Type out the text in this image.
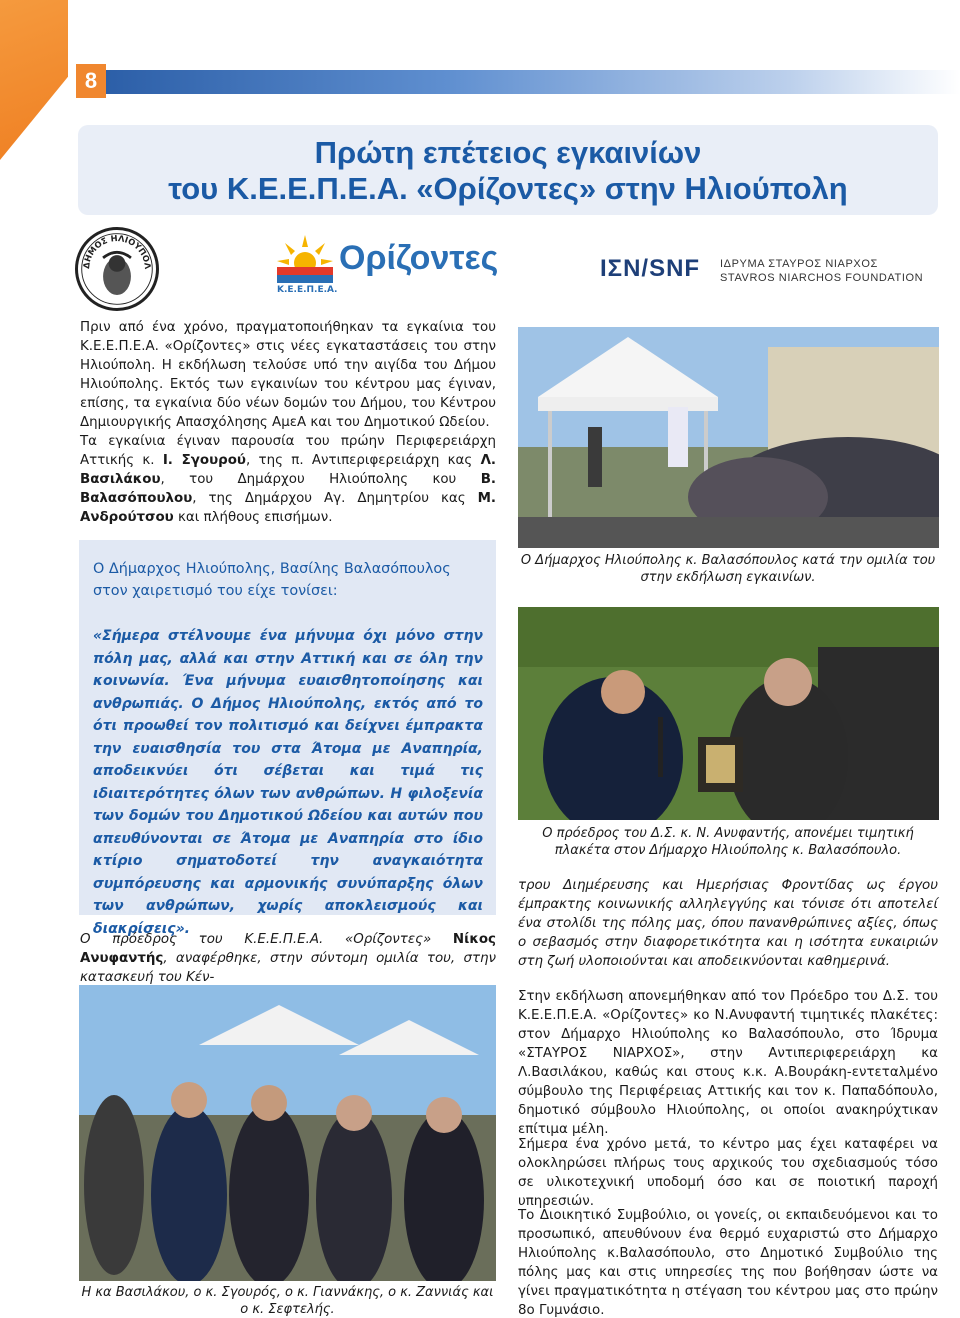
8
Πρώτη επέτειος εγκαινίων
του Κ.Ε.Ε.Π.Ε.Α. «Ορίζοντες» στην Ηλιούπολη
ΔΗΜΟΣ ΗΛΙΟΥΠΟΛ	Ορίζοντες
Κ.Ε.Ε.Π.Ε.Α.
ΙΣΝ/SNF ΙΔΡΥΜΑ ΣΤΑΥΡΟΣ ΝΙΑΡΧΟΣ
STAVROS NIARCHOS FOUNDATION
Πριν από ένα χρόνο, πραγματοποιήθηκαν τα εγκαίνια του Κ.Ε.Ε.Π.Ε.Α. «Ορίζοντες» στις νέες εγκαταστάσεις του στην Ηλιούπολη. Η εκδήλωση τελούσε υπό την αιγίδα του Δήμου Ηλιούπολης. Εκτός των εγκαινίων του κέντρου μας έγιναν, επίσης, τα εγκαίνια δύο νέων δομών του Δήμου, του Κέντρου Δημιουργικής Απασχόλησης ΑμεΑ και του Δημοτικού Ωδείου.
Τα εγκαίνια έγιναν παρουσία του πρώην Περιφερειάρχη Αττικής κ. Ι. Σγουρού, της π. Αντιπεριφερειάρχη κας Λ. Βασιλάκου, του Δημάρχου Ηλιούπολης κου Β. Βαλασόπουλου, της Δημάρχου Αγ. Δημητρίου κας Μ. Ανδρούτσου και πλήθους επισήμων.
Ο Δήμαρχος Ηλιούπολης, Βασίλης Βαλασόπουλος στον χαιρετισμό του είχε τονίσει:
«Σήμερα στέλνουμε ένα μήνυμα όχι μόνο στην πόλη μας, αλλά και στην Αττική και σε όλη την κοινωνία. Ένα μήνυμα ευαισθητοποίησης και ανθρωπιάς. Ο Δήμος Ηλιούπολης, εκτός από το ότι προωθεί τον πολιτισμό και δείχνει έμπρακτα την ευαισθησία του στα Άτομα με Αναπηρία, αποδεικνύει ότι σέβεται και τιμά τις ιδιαιτερότητες όλων των ανθρώπων. Η φιλοξενία των δομών του Δημοτικού Ωδείου και αυτών που απευθύνονται σε Άτομα με Αναπηρία στο ίδιο κτίριο σηματοδοτεί την αναγκαιότητα συμπόρευσης και αρμονικής συνύπαρξης όλων των ανθρώπων, χωρίς αποκλεισμούς και διακρίσεις».
Ο πρόεδρος του Κ.Ε.Ε.Π.Ε.Α. «Ορίζοντες» Νίκος Ανυφαντής, αναφέρθηκε, στην σύντομη ομιλία του, στην κατασκευή του Κέν-
Ο Δήμαρχος Ηλιούπολης κ. Βαλασόπουλος κατά την ομιλία του στην εκδήλωση εγκαινίων.
Ο πρόεδρος του Δ.Σ. κ. Ν. Ανυφαντής, απονέμει τιμητική πλακέτα στον Δήμαρχο Ηλιούπολης κ. Βαλασόπουλο.
τρου Διημέρευσης και Ημερήσιας Φροντίδας ως έργου έμπρακτης κοινωνικής αλληλεγγύης και τόνισε ότι αποτελεί ένα στολίδι της πόλης μας, όπου πανανθρώπινες αξίες, όπως ο σεβασμός στην διαφορετικότητα και η ισότητα ευκαιριών στη ζωή υλοποιούνται και αποδεικνύονται καθημερινά.
Η κα Βασιλάκου, ο κ. Σγουρός, ο κ. Γιαννάκης, ο κ. Ζαννιάς και ο κ. Σεφτελής.
Στην εκδήλωση απονεμήθηκαν από τον Πρόεδρο του Δ.Σ. του Κ.Ε.Ε.Π.Ε.Α. «Ορίζοντες» κο Ν.Ανυφαντή τιμητικές πλακέτες: στον Δήμαρχο Ηλιούπολης κο Βαλασόπουλο, στο Ίδρυμα «ΣΤΑΥΡΟΣ ΝΙΑΡΧΟΣ», στην Αντιπεριφερειάρχη κα Λ.Βασιλάκου, καθώς και στους κ.κ. Α.Βουράκη-εντεταλμένο σύμβουλο της Περιφέρειας Αττικής και τον κ. Παπαδόπουλο, δημοτικό σύμβουλο Ηλιούπολης, οι οποίοι ανακηρύχτικαν επίτιμα μέλη.
Σήμερα ένα χρόνο μετά, το κέντρο μας έχει καταφέρει να ολοκληρώσει πλήρως τους αρχικούς του σχεδιασμούς τόσο σε υλικοτεχνική υποδομή όσο και σε ποιοτική παροχή υπηρεσιών.
Το Διοικητικό Συμβούλιο, οι γονείς, οι εκπαιδευόμενοι και το προσωπικό, απευθύνουν ένα θερμό ευχαριστώ στο Δήμαρχο Ηλιούπολης κ.Βαλασόπουλο, στο Δημοτικό Συμβούλιο της πόλης μας και στις υπηρεσίες της που βοήθησαν ώστε να γίνει πραγματικότητα η στέγαση του κέντρου μας στο πρώην 8ο Γυμνάσιο.
